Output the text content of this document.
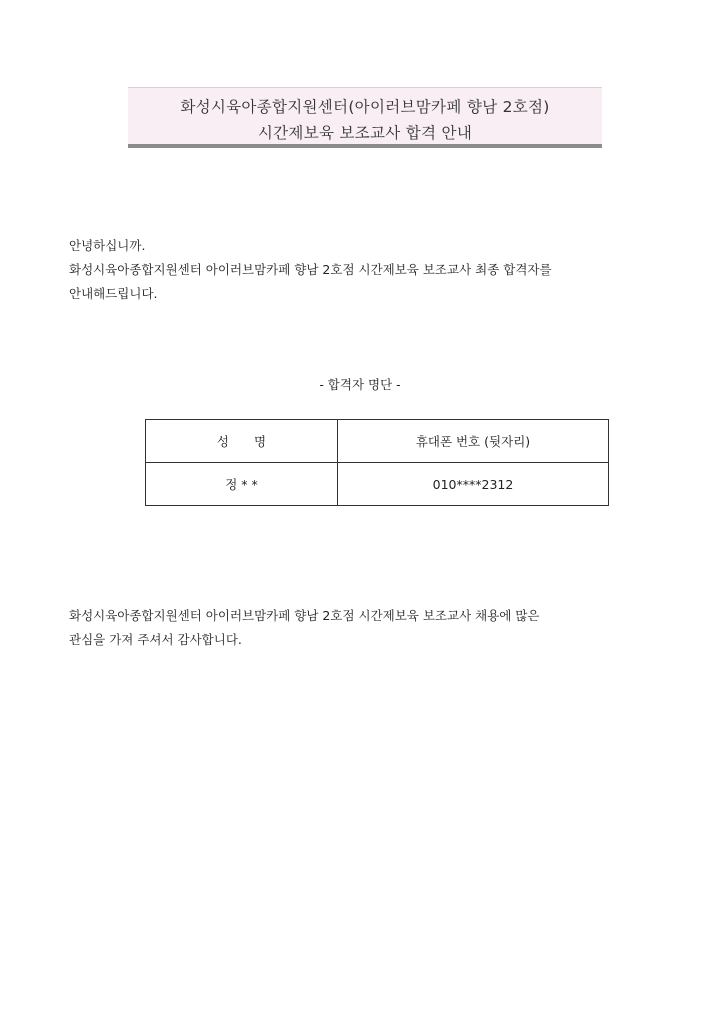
화성시육아종합지원센터(아이러브맘카페 향남 2호점)
시간제보육 보조교사 합격 안내
안녕하십니까.
화성시육아종합지원센터 아이러브맘카페 향남 2호점 시간제보육 보조교사 최종 합격자를
안내해드립니다.
- 합격자 명단 -
성　　명	휴대폰 번호 (뒷자리)
정 * *	010****2312
화성시육아종합지원센터 아이러브맘카페 향남 2호점 시간제보육 보조교사 채용에 많은
관심을 가져 주셔서 감사합니다.
